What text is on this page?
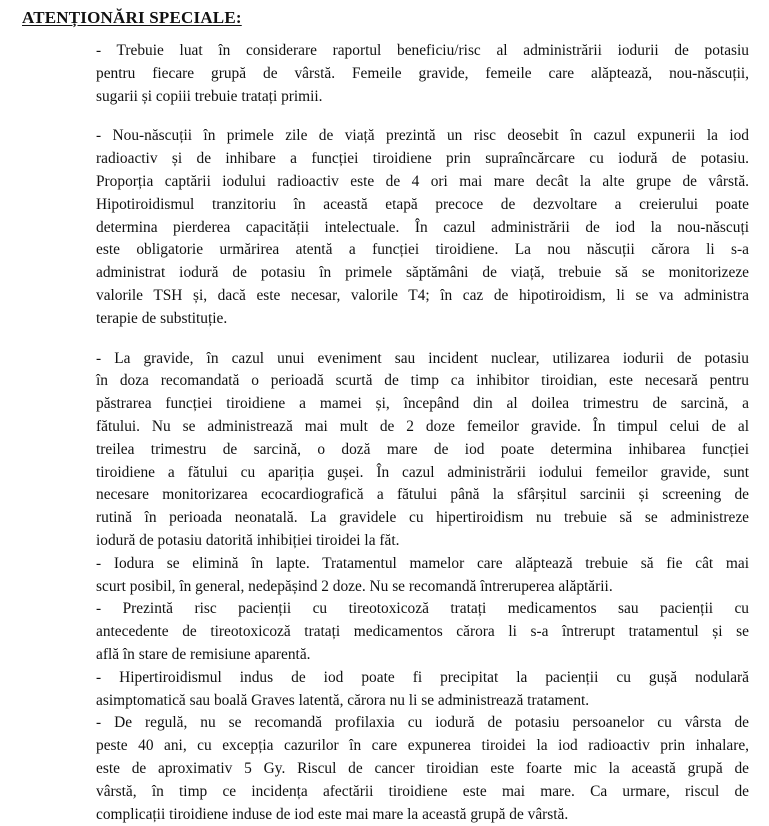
ATENȚIONĂRI SPECIALE:

- Trebuie luat în considerare raportul beneficiu/risc al administrării iodurii de potasiu
pentru fiecare grupă de vârstă. Femeile gravide, femeile care alăptează, nou-născuții,
sugarii și copiii trebuie tratați primii.

- Nou-născuții în primele zile de viață prezintă un risc deosebit în cazul expunerii la iod
radioactiv și de inhibare a funcției tiroidiene prin supraîncărcare cu iodură de potasiu.
Proporția captării iodului radioactiv este de 4 ori mai mare decât la alte grupe de vârstă.
Hipotiroidismul tranzitoriu în această etapă precoce de dezvoltare a creierului poate
determina pierderea capacității intelectuale. În cazul administrării de iod la nou-născuți
este obligatorie urmărirea atentă a funcției tiroidiene. La nou născuții cărora li s-a
administrat iodură de potasiu în primele săptămâni de viață, trebuie să se monitorizeze
valorile TSH și, dacă este necesar, valorile T4; în caz de hipotiroidism, li se va administra
terapie de substituție.

- La gravide, în cazul unui eveniment sau incident nuclear, utilizarea iodurii de potasiu
în doza recomandată o perioadă scurtă de timp ca inhibitor tiroidian, este necesară pentru
păstrarea funcției tiroidiene a mamei și, începând din al doilea trimestru de sarcină, a
fătului. Nu se administrează mai mult de 2 doze femeilor gravide. În timpul celui de al
treilea trimestru de sarcină, o doză mare de iod poate determina inhibarea funcției
tiroidiene a fătului cu apariția gușei. În cazul administrării iodului femeilor gravide, sunt
necesare monitorizarea ecocardiografică a fătului până la sfârșitul sarcinii și screening de
rutină în perioada neonatală. La gravidele cu hipertiroidism nu trebuie să se administreze
iodură de potasiu datorită inhibiției tiroidei la făt.

- Iodura se elimină în lapte. Tratamentul mamelor care alăptează trebuie să fie cât mai
scurt posibil, în general, nedepășind 2 doze. Nu se recomandă întreruperea alăptării.

- Prezintă risc pacienții cu tireotoxicoză tratați medicamentos sau pacienții cu
antecedente de tireotoxicoză tratați medicamentos cărora li s-a întrerupt tratamentul și se
află în stare de remisiune aparentă.

- Hipertiroidismul indus de iod poate fi precipitat la pacienții cu gușă nodulară
asimptomatică sau boală Graves latentă, cărora nu li se administrează tratament.

- De regulă, nu se recomandă profilaxia cu iodură de potasiu persoanelor cu vârsta de
peste 40 ani, cu excepția cazurilor în care expunerea tiroidei la iod radioactiv prin inhalare,
este de aproximativ 5 Gy. Riscul de cancer tiroidian este foarte mic la această grupă de
vârstă, în timp ce incidența afectării tiroidiene este mai mare. Ca urmare, riscul de
complicații tiroidiene induse de iod este mai mare la această grupă de vârstă.
